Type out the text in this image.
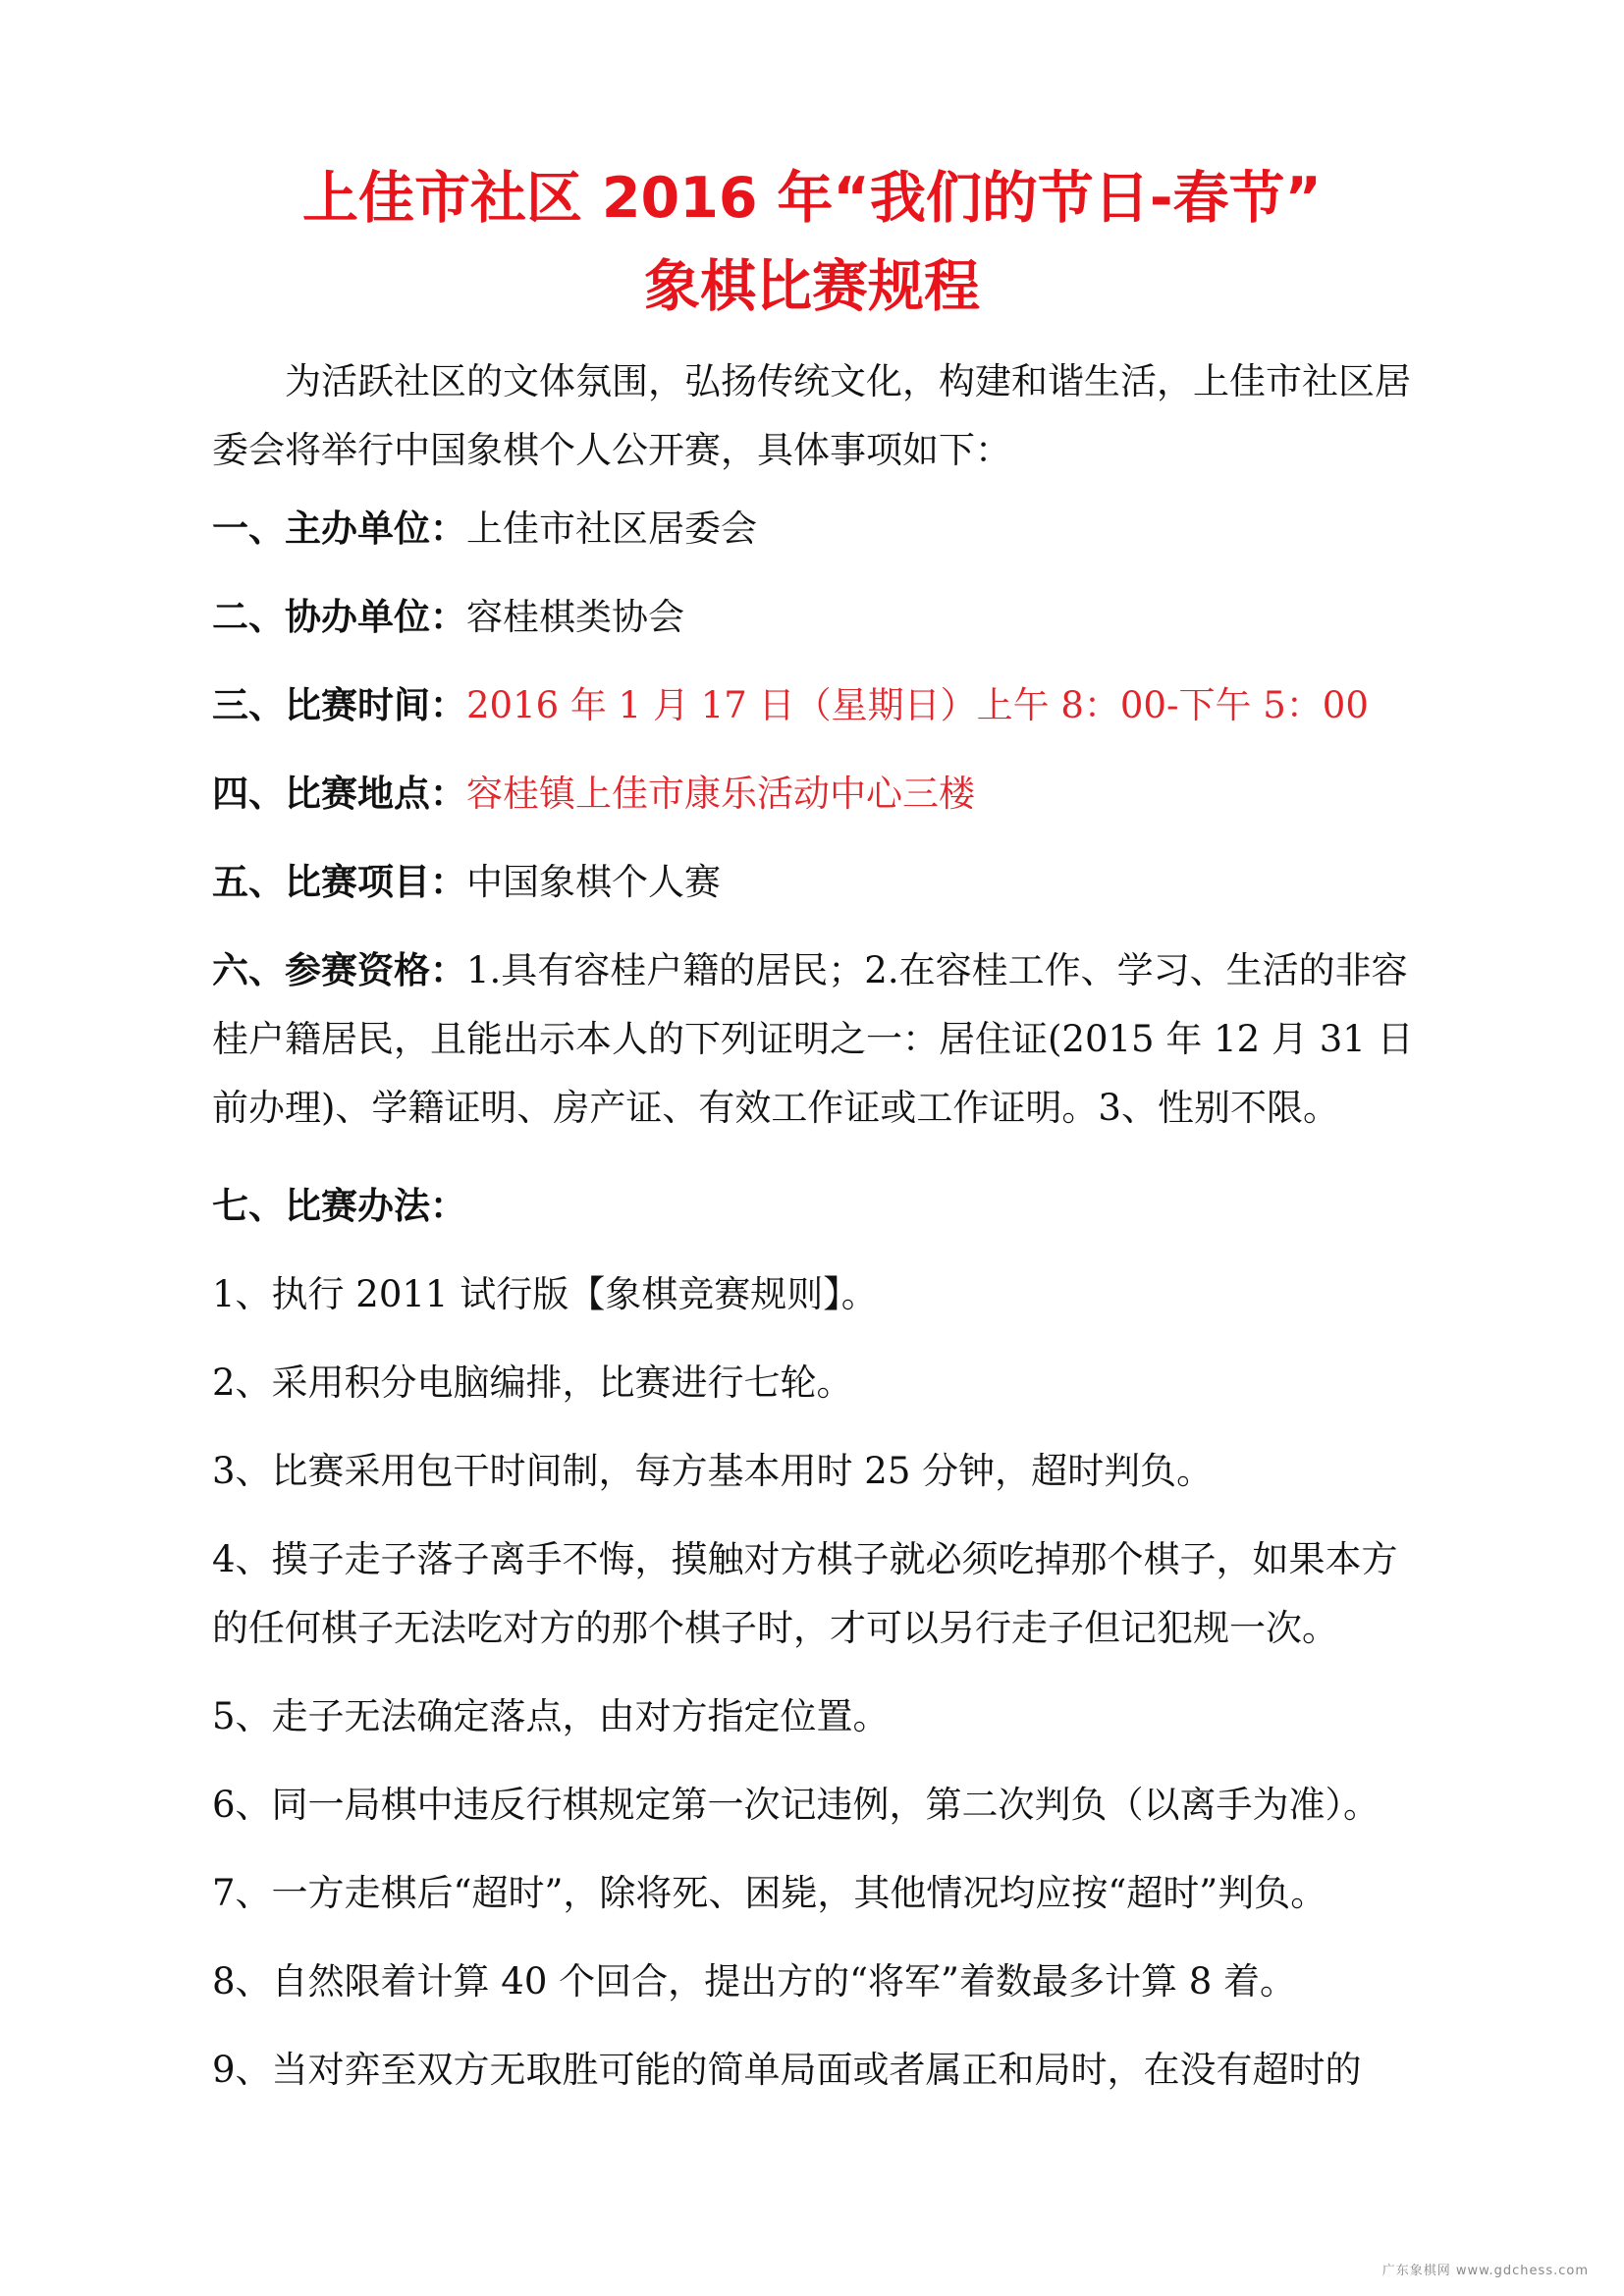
上佳市社区 2016 年“我们的节日-春节”
象棋比赛规程

为活跃社区的文体氛围，弘扬传统文化，构建和谐生活，上佳市社区居委会将举行中国象棋个人公开赛，具体事项如下：

一、主办单位：上佳市社区居委会

二、协办单位：容桂棋类协会

三、比赛时间：2016 年 1 月 17 日（星期日）上午 8：00-下午 5：00

四、比赛地点：容桂镇上佳市康乐活动中心三楼

五、比赛项目：中国象棋个人赛

六、参赛资格：1.具有容桂户籍的居民；2.在容桂工作、学习、生活的非容桂户籍居民，且能出示本人的下列证明之一：居住证(2015 年 12 月 31 日前办理)、学籍证明、房产证、有效工作证或工作证明。3、性别不限。

七、比赛办法：

1、执行 2011 试行版【象棋竞赛规则】。

2、采用积分电脑编排，比赛进行七轮。

3、比赛采用包干时间制，每方基本用时 25 分钟，超时判负。

4、摸子走子落子离手不悔，摸触对方棋子就必须吃掉那个棋子，如果本方的任何棋子无法吃对方的那个棋子时，才可以另行走子但记犯规一次。

5、走子无法确定落点，由对方指定位置。

6、同一局棋中违反行棋规定第一次记违例，第二次判负（以离手为准）。

7、一方走棋后“超时”，除将死、困毙，其他情况均应按“超时”判负。

8、自然限着计算 40 个回合，提出方的“将军”着数最多计算 8 着。

9、当对弈至双方无取胜可能的简单局面或者属正和局时，在没有超时的

广东象棋网 www.gdchess.com
